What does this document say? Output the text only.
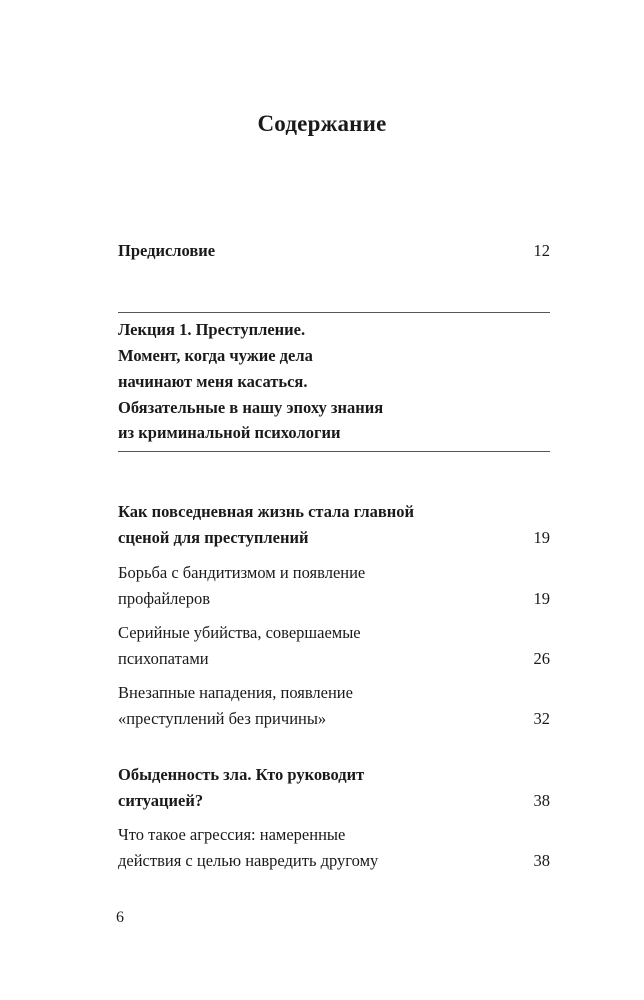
Содержание
Предисловие	12
Лекция 1. Преступление.
Момент, когда чужие дела
начинают меня касаться.
Обязательные в нашу эпоху знания
из криминальной психологии
Как повседневная жизнь стала главной
сценой для преступлений	19
Борьба с бандитизмом и появление
профайлеров	19
Серийные убийства, совершаемые
психопатами	26
Внезапные нападения, появление
«преступлений без причины»	32
Обыденность зла. Кто руководит
ситуацией?	38
Что такое агрессия: намеренные
действия с целью навредить другому	38
6
